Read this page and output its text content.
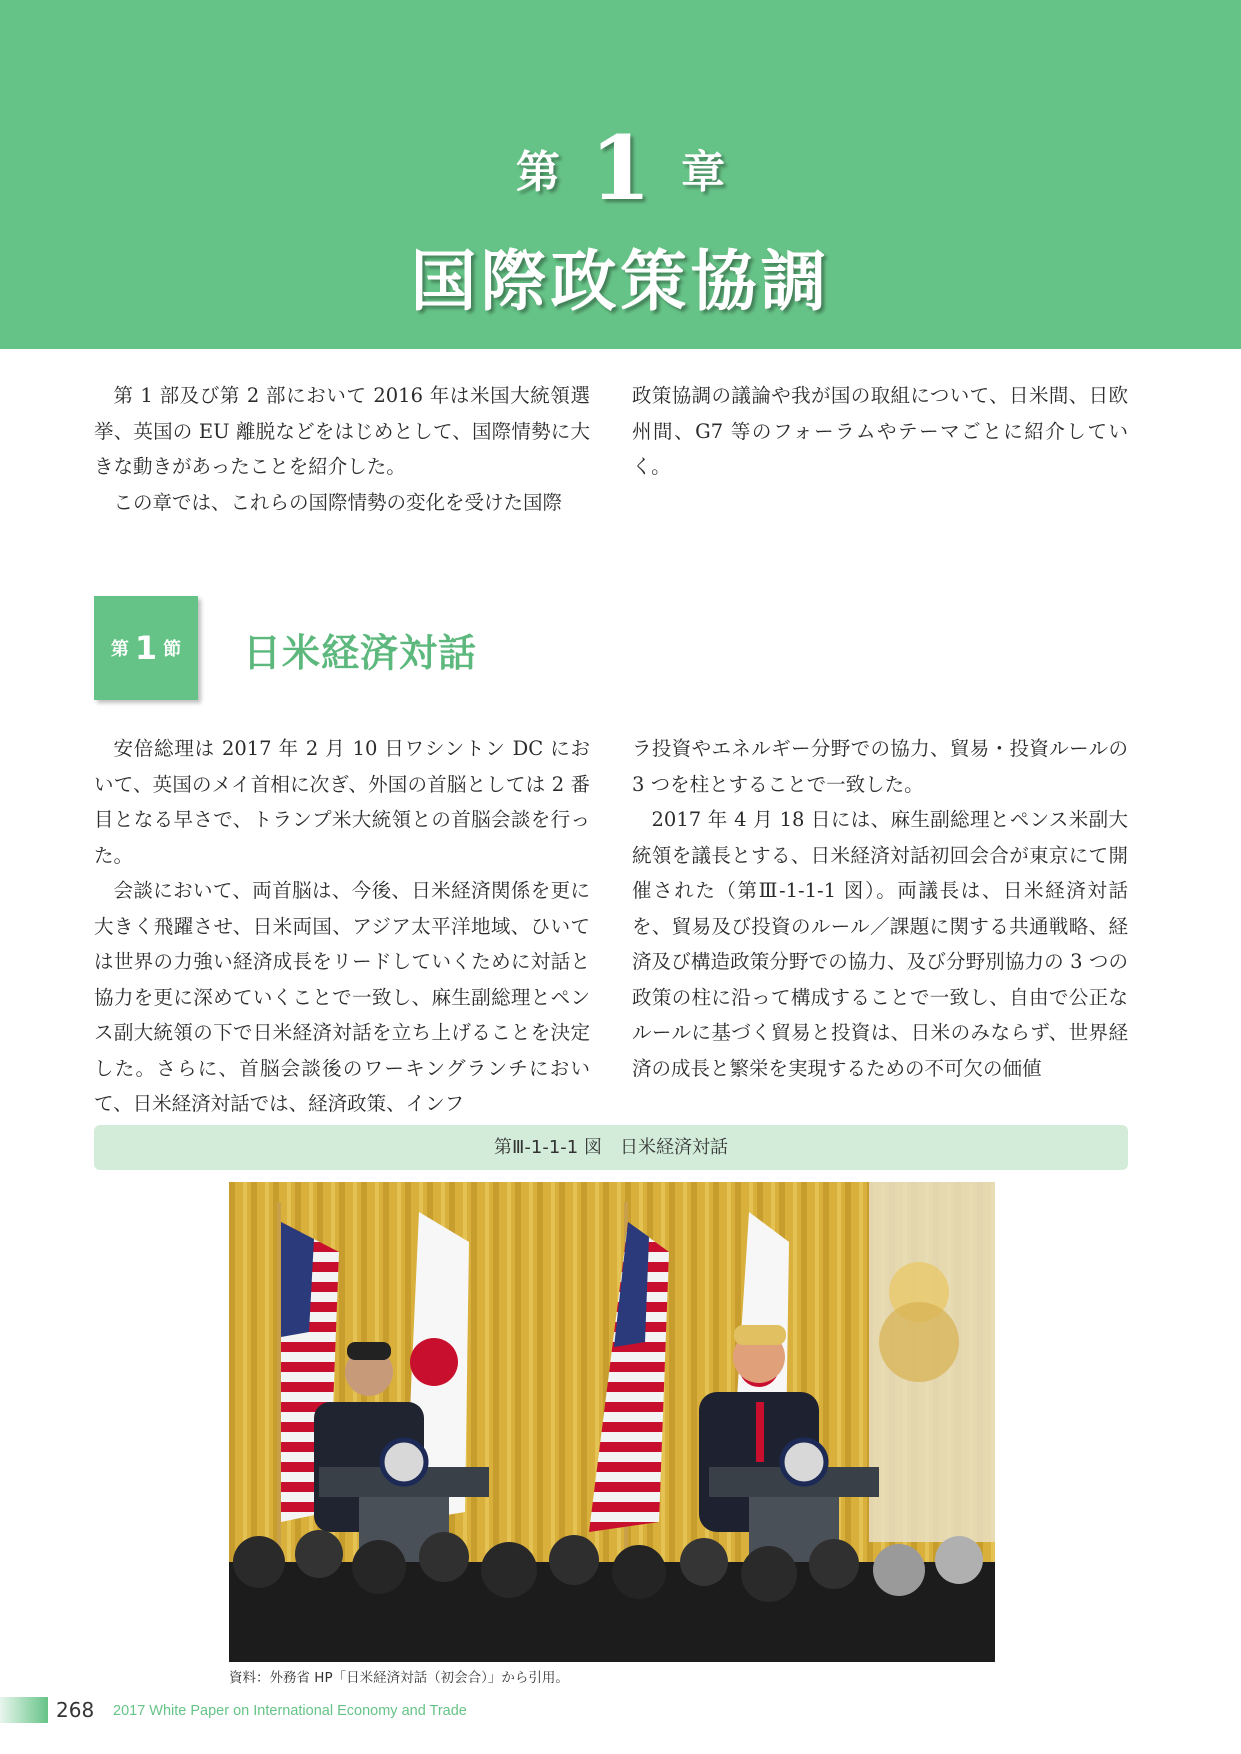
第 1 章
国際政策協調

第 1 部及び第 2 部において 2016 年は米国大統領選挙、英国の EU 離脱などをはじめとして、国際情勢に大きな動きがあったことを紹介した。

この章では、これらの国際情勢の変化を受けた国際

政策協調の議論や我が国の取組について、日米間、日欧州間、G7 等のフォーラムやテーマごとに紹介していく。

第 1 節 日米経済対話

安倍総理は 2017 年 2 月 10 日ワシントン DC において、英国のメイ首相に次ぎ、外国の首脳としては 2 番目となる早さで、トランプ米大統領との首脳会談を行った。

会談において、両首脳は、今後、日米経済関係を更に大きく飛躍させ、日米両国、アジア太平洋地域、ひいては世界の力強い経済成長をリードしていくために対話と協力を更に深めていくことで一致し、麻生副総理とペンス副大統領の下で日米経済対話を立ち上げることを決定した。さらに、首脳会談後のワーキングランチにおいて、日米経済対話では、経済政策、インフ

ラ投資やエネルギー分野での協力、貿易・投資ルールの 3 つを柱とすることで一致した。

2017 年 4 月 18 日には、麻生副総理とペンス米副大統領を議長とする、日米経済対話初回会合が東京にて開催された（第Ⅲ-1-1-1 図）。両議長は、日米経済対話を、貿易及び投資のルール／課題に関する共通戦略、経済及び構造政策分野での協力、及び分野別協力の 3 つの政策の柱に沿って構成することで一致し、自由で公正なルールに基づく貿易と投資は、日米のみならず、世界経済の成長と繁栄を実現するための不可欠の価値

第Ⅲ-1-1-1 図　日米経済対話
資料：外務省 HP「日米経済対話（初会合）」から引用。
268 2017 White Paper on International Economy and Trade
